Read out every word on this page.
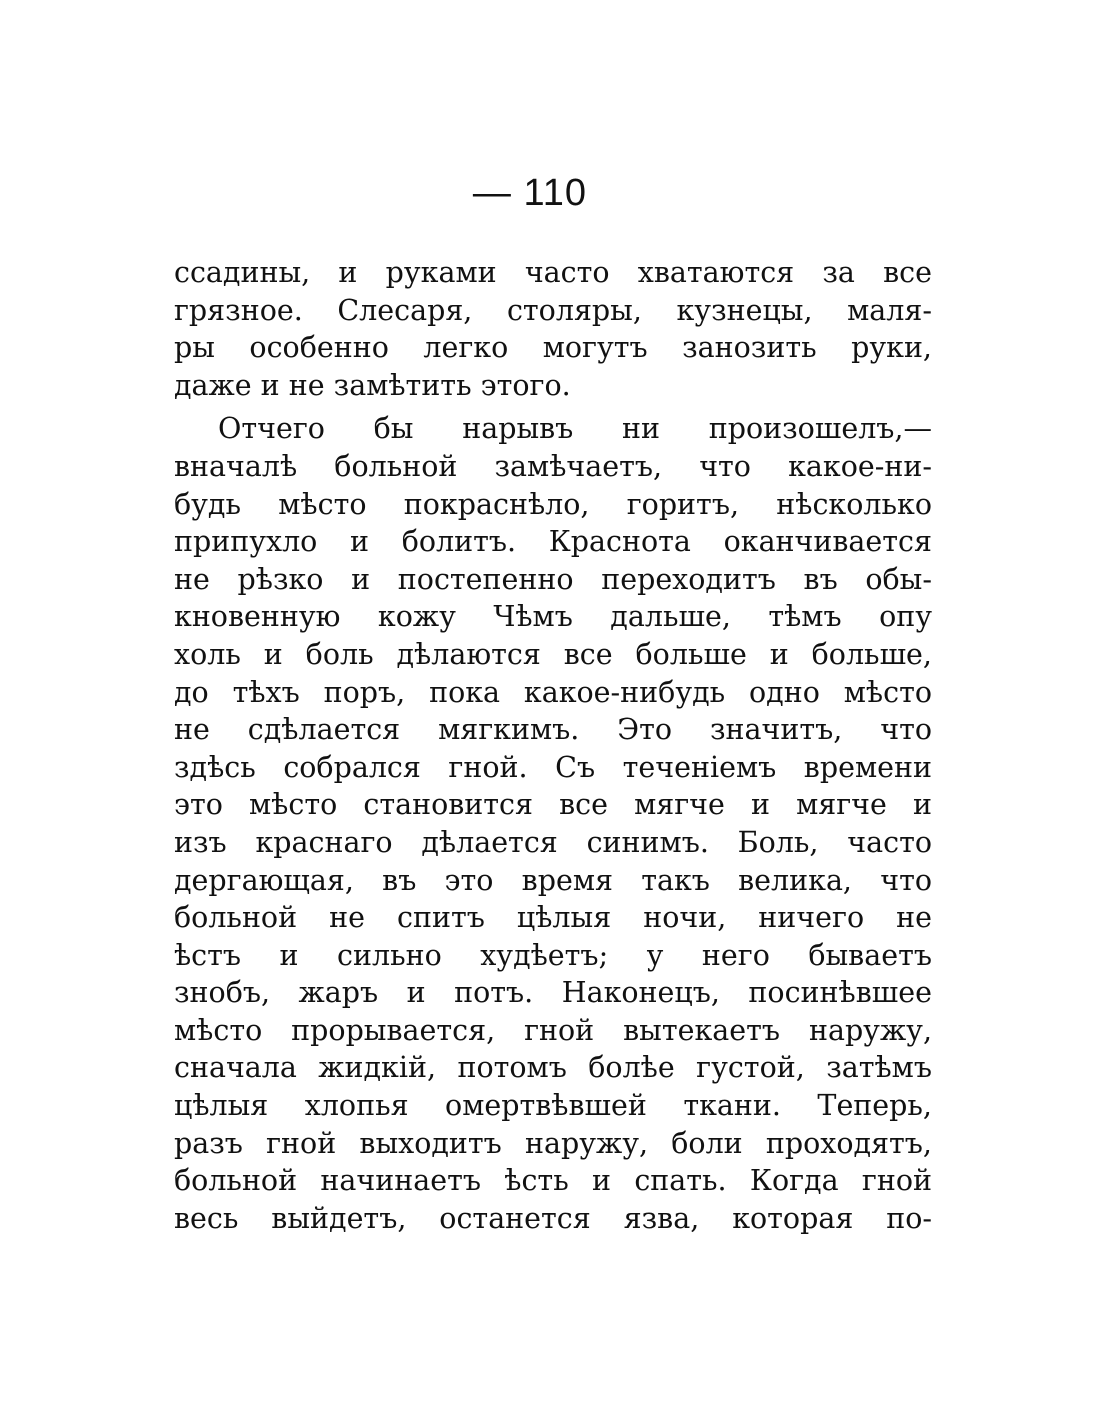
— 110
ссадины, и руками часто хватаются за все
грязное. Слесаря, столяры, кузнецы, маля-
ры особенно легко могутъ занозить руки,
даже и не замѣтить этого.
Отчего бы нарывъ ни произошелъ,—
вначалѣ больной замѣчаетъ, что какое-ни-
будь мѣсто покраснѣло, горитъ, нѣсколько
припухло и болитъ. Краснота оканчивается
не рѣзко и постепенно переходитъ въ обы-
кновенную кожу Чѣмъ дальше, тѣмъ опу
холь и боль дѣлаются все больше и больше,
до тѣхъ поръ, пока какое-нибудь одно мѣсто
не сдѣлается мягкимъ. Это значитъ, что
здѣсь собрался гной. Съ теченіемъ времени
это мѣсто становится все мягче и мягче и
изъ краснаго дѣлается синимъ. Боль, часто
дергающая, въ это время такъ велика, что
больной не спитъ цѣлыя ночи, ничего не
ѣстъ и сильно худѣетъ; у него бываетъ
знобъ, жаръ и потъ. Наконецъ, посинѣвшее
мѣсто прорывается, гной вытекаетъ наружу,
сначала жидкій, потомъ болѣе густой, затѣмъ
цѣлыя хлопья омертвѣвшей ткани. Теперь,
разъ гной выходитъ наружу, боли проходятъ,
больной начинаетъ ѣсть и спать. Когда гной
весь выйдетъ, останется язва, которая по-
